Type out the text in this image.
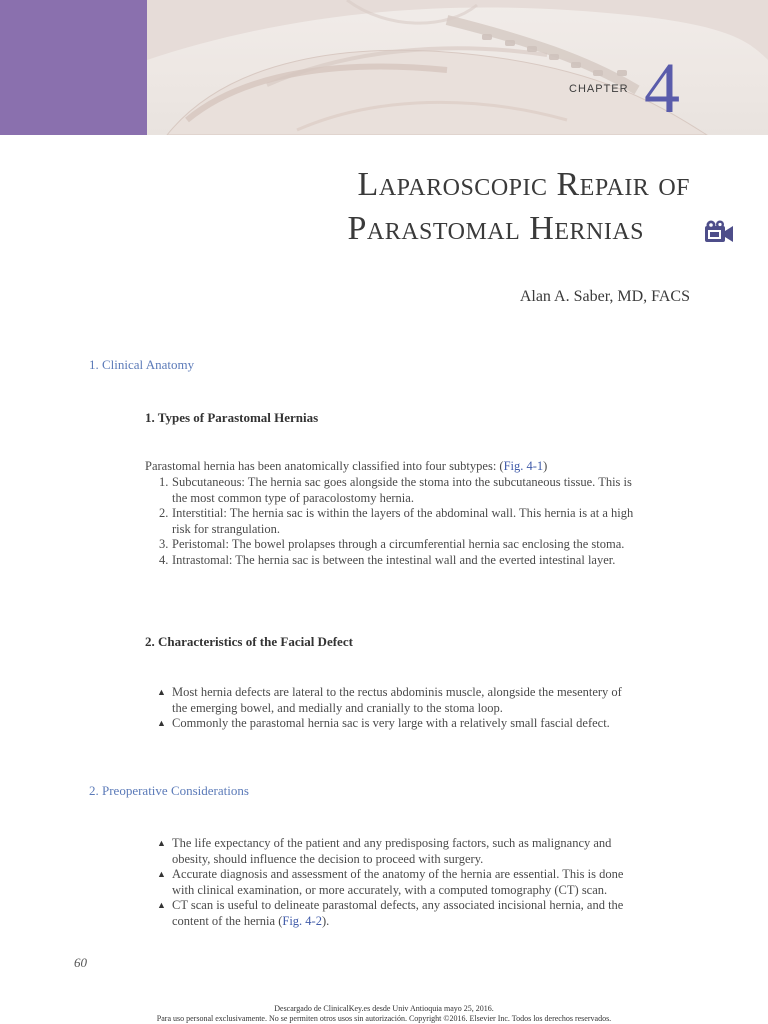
CHAPTER 4
Laparoscopic Repair of
Parastomal Hernias
Alan A. Saber, MD, FACS
1. Clinical Anatomy
1. Types of Parastomal Hernias
Parastomal hernia has been anatomically classified into four subtypes: (Fig. 4-1)
1. Subcutaneous: The hernia sac goes alongside the stoma into the subcutaneous tissue. This is the most common type of paracolostomy hernia.
2. Interstitial: The hernia sac is within the layers of the abdominal wall. This hernia is at a high risk for strangulation.
3. Peristomal: The bowel prolapses through a circumferential hernia sac enclosing the stoma.
4. Intrastomal: The hernia sac is between the intestinal wall and the everted intestinal layer.
2. Characteristics of the Facial Defect
▲ Most hernia defects are lateral to the rectus abdominis muscle, alongside the mesentery of the emerging bowel, and medially and cranially to the stoma loop.
▲ Commonly the parastomal hernia sac is very large with a relatively small fascial defect.
2. Preoperative Considerations
▲ The life expectancy of the patient and any predisposing factors, such as malignancy and obesity, should influence the decision to proceed with surgery.
▲ Accurate diagnosis and assessment of the anatomy of the hernia are essential. This is done with clinical examination, or more accurately, with a computed tomography (CT) scan.
▲ CT scan is useful to delineate parastomal defects, any associated incisional hernia, and the content of the hernia (Fig. 4-2).
60
Descargado de ClinicalKey.es desde Univ Antioquia mayo 25, 2016.
Para uso personal exclusivamente. No se permiten otros usos sin autorización. Copyright ©2016. Elsevier Inc. Todos los derechos reservados.
